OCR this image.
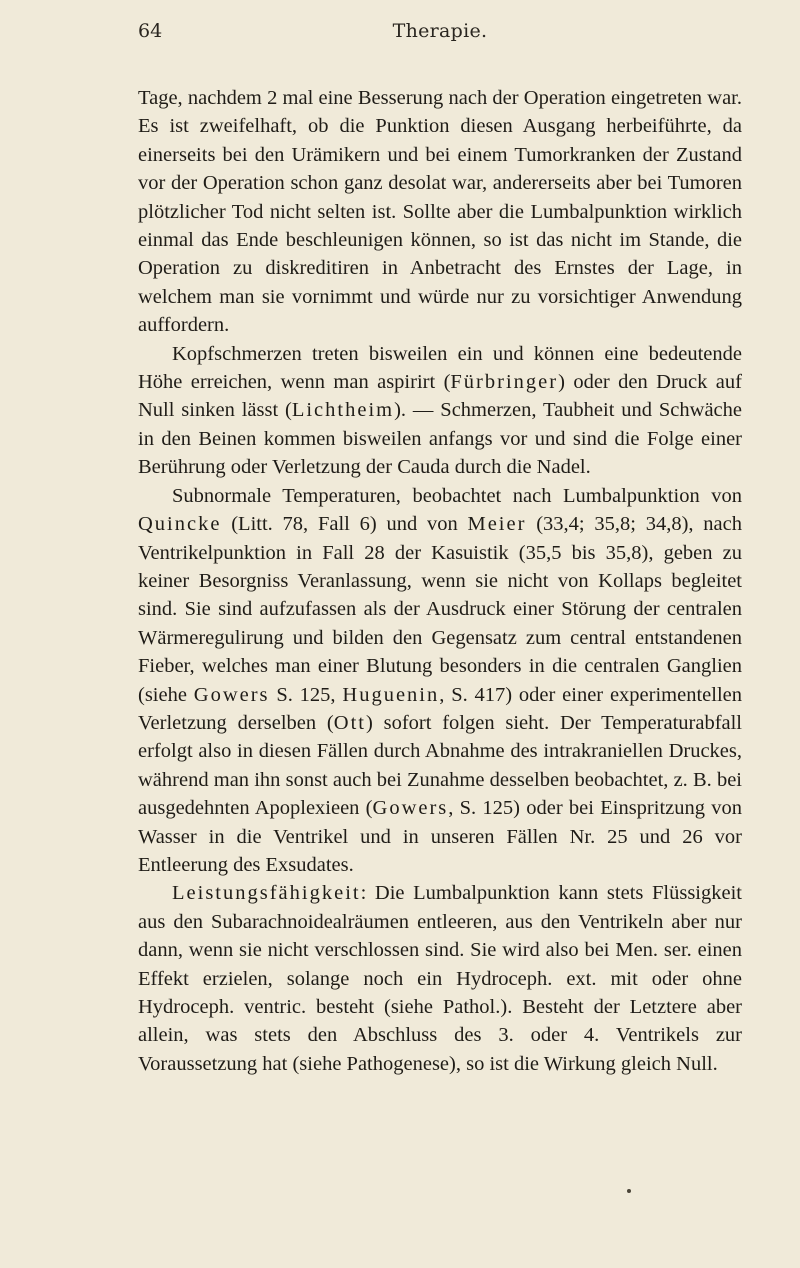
64	Therapie.

Tage, nachdem 2 mal eine Besserung nach der Operation eingetreten war. Es ist zweifelhaft, ob die Punktion diesen Ausgang herbeiführte, da einerseits bei den Urämikern und bei einem Tumorkranken der Zustand vor der Operation schon ganz desolat war, andererseits aber bei Tumoren plötzlicher Tod nicht selten ist. Sollte aber die Lumbalpunktion wirklich einmal das Ende beschleunigen können, so ist das nicht im Stande, die Operation zu diskreditiren in Anbetracht des Ernstes der Lage, in welchem man sie vornimmt und würde nur zu vorsichtiger Anwendung auffordern.

Kopfschmerzen treten bisweilen ein und können eine bedeutende Höhe erreichen, wenn man aspirirt (Fürbringer) oder den Druck auf Null sinken lässt (Lichtheim). — Schmerzen, Taubheit und Schwäche in den Beinen kommen bisweilen anfangs vor und sind die Folge einer Berührung oder Verletzung der Cauda durch die Nadel.

Subnormale Temperaturen, beobachtet nach Lumbalpunktion von Quincke (Litt. 78, Fall 6) und von Meier (33,4; 35,8; 34,8), nach Ventrikelpunktion in Fall 28 der Kasuistik (35,5 bis 35,8), geben zu keiner Besorgniss Veranlassung, wenn sie nicht von Kollaps begleitet sind. Sie sind aufzufassen als der Ausdruck einer Störung der centralen Wärmeregulirung und bilden den Gegensatz zum central entstandenen Fieber, welches man einer Blutung besonders in die centralen Ganglien (siehe Gowers S. 125, Huguenin, S. 417) oder einer experimentellen Verletzung derselben (Ott) sofort folgen sieht. Der Temperaturabfall erfolgt also in diesen Fällen durch Abnahme des intrakraniellen Druckes, während man ihn sonst auch bei Zunahme desselben beobachtet, z. B. bei ausgedehnten Apoplexieen (Gowers, S. 125) oder bei Einspritzung von Wasser in die Ventrikel und in unseren Fällen Nr. 25 und 26 vor Entleerung des Exsudates.

Leistungsfähigkeit: Die Lumbalpunktion kann stets Flüssigkeit aus den Subarachnoidealräumen entleeren, aus den Ventrikeln aber nur dann, wenn sie nicht verschlossen sind. Sie wird also bei Men. ser. einen Effekt erzielen, solange noch ein Hydroceph. ext. mit oder ohne Hydroceph. ventric. besteht (siehe Pathol.). Besteht der Letztere aber allein, was stets den Abschluss des 3. oder 4. Ventrikels zur Voraussetzung hat (siehe Pathogenese), so ist die Wirkung gleich Null.
